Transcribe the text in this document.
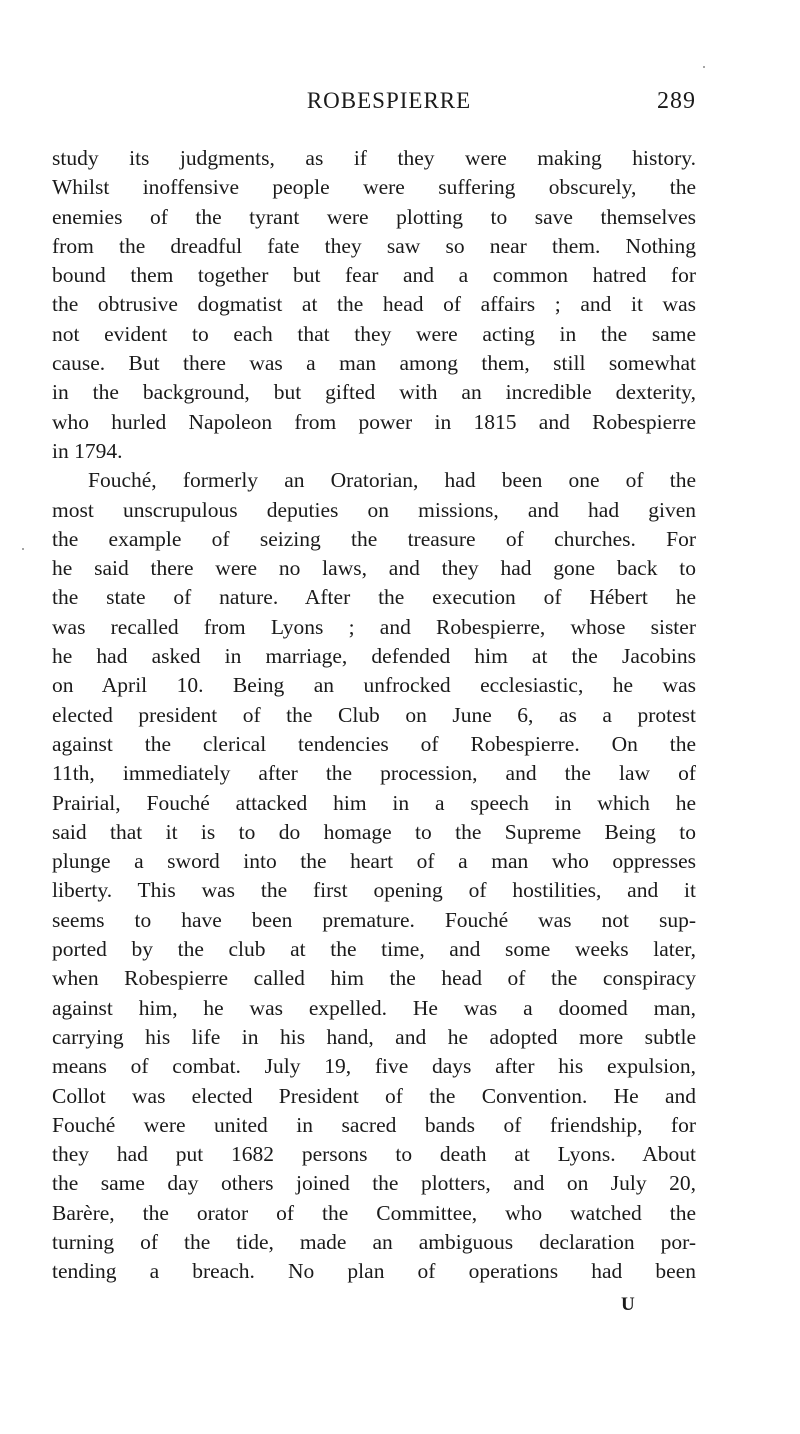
ROBESPIERRE	289
study its judgments, as if they were making history.
Whilst inoffensive people were suffering obscurely, the
enemies of the tyrant were plotting to save themselves
from the dreadful fate they saw so near them. Nothing
bound them together but fear and a common hatred for
the obtrusive dogmatist at the head of affairs ; and it was
not evident to each that they were acting in the same
cause. But there was a man among them, still somewhat
in the background, but gifted with an incredible dexterity,
who hurled Napoleon from power in 1815 and Robespierre
in 1794.
Fouché, formerly an Oratorian, had been one of the
most unscrupulous deputies on missions, and had given
the example of seizing the treasure of churches. For
he said there were no laws, and they had gone back to
the state of nature. After the execution of Hébert he
was recalled from Lyons ; and Robespierre, whose sister
he had asked in marriage, defended him at the Jacobins
on April 10. Being an unfrocked ecclesiastic, he was
elected president of the Club on June 6, as a protest
against the clerical tendencies of Robespierre. On the
11th, immediately after the procession, and the law of
Prairial, Fouché attacked him in a speech in which he
said that it is to do homage to the Supreme Being to
plunge a sword into the heart of a man who oppresses
liberty. This was the first opening of hostilities, and it
seems to have been premature. Fouché was not sup-
ported by the club at the time, and some weeks later,
when Robespierre called him the head of the conspiracy
against him, he was expelled. He was a doomed man,
carrying his life in his hand, and he adopted more subtle
means of combat. July 19, five days after his expulsion,
Collot was elected President of the Convention. He and
Fouché were united in sacred bands of friendship, for
they had put 1682 persons to death at Lyons. About
the same day others joined the plotters, and on July 20,
Barère, the orator of the Committee, who watched the
turning of the tide, made an ambiguous declaration por-
tending a breach. No plan of operations had been
U
